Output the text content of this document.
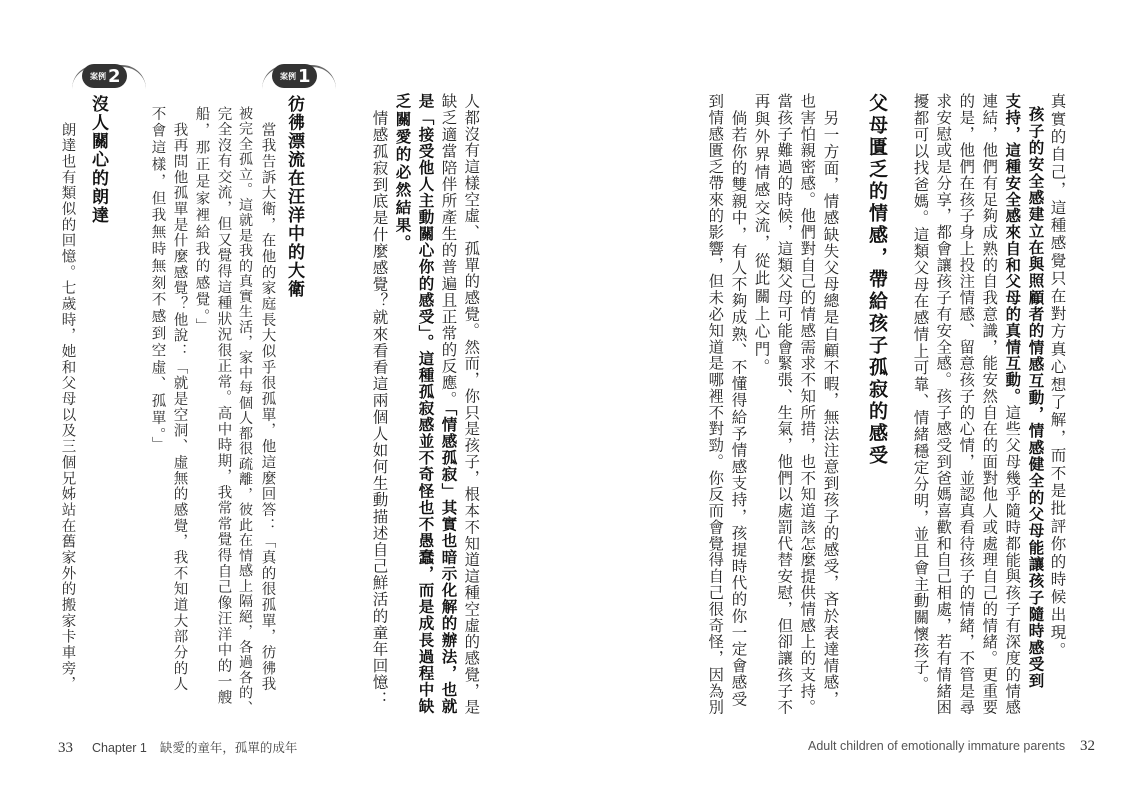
真實的自己，這種感覺只在對方真心想了解，而不是批評你的時候出現。
孩子的安全感建立在與照顧者的情感互動，情感健全的父母能讓孩子隨時感受到
支持，這種安全感來自和父母的真情互動。這些父母幾乎隨時都能與孩子有深度的情感
連結，他們有足夠成熟的自我意識，能安然自在的面對他人或處理自己的情緒。更重要
的是，他們在孩子身上投注情感、留意孩子的心情，並認真看待孩子的情緒，不管是尋
求安慰或是分享，都會讓孩子有安全感。孩子感受到爸媽喜歡和自己相處，若有情緒困
擾都可以找爸媽。這類父母在感情上可靠、情緒穩定分明，並且會主動關懷孩子。
父母匱乏的情感，帶給孩子孤寂的感受
另一方面，情感缺失父母總是自顧不暇，無法注意到孩子的感受，吝於表達情感，
也害怕親密感。他們對自己的情感需求不知所措，也不知道該怎麼提供情感上的支持。
當孩子難過的時候，這類父母可能會緊張、生氣，他們以處罰代替安慰，但卻讓孩子不
再與外界情感交流，從此關上心門。
倘若你的雙親中，有人不夠成熟、不懂得給予情感支持，孩提時代的你一定會感受
到情感匱乏帶來的影響，但未必知道是哪裡不對勁。你反而會覺得自己很奇怪，因為別
人都沒有這樣空虛、孤單的感覺。然而，你只是孩子，根本不知道這種空虛的感覺，是
缺乏適當陪伴所產生的普遍且正常的反應。「情感孤寂」其實也暗示化解的辦法，也就
是「接受他人主動關心你的感受」。這種孤寂感並不奇怪也不愚蠢，而是成長過程中缺
乏關愛的必然結果。
情感孤寂到底是什麼感覺？就來看看這兩個人如何生動描述自己鮮活的童年回憶：
案例 1
彷彿漂流在汪洋中的大衛
當我告訴大衛，在他的家庭長大似乎很孤單，他這麼回答：「真的很孤單，彷彿我
被完全孤立。這就是我的真實生活，家中每個人都很疏離，彼此在情感上隔絕，各過各的、
完全沒有交流，但又覺得這種狀況很正常。高中時期，我常常覺得自己像汪洋中的一艘
船，那正是家裡給我的感覺。」
我再問他孤單是什麼感覺？他說：「就是空洞、虛無的感覺，我不知道大部分的人
不會這樣，但我無時無刻不感到空虛、孤單。」
案例 2
沒人關心的朗達
朗達也有類似的回憶。七歲時，她和父母以及三個兄姊站在舊家外的搬家卡車旁，
33 Chapter 1 缺愛的童年，孤單的成年	Adult children of emotionally immature parents 32
